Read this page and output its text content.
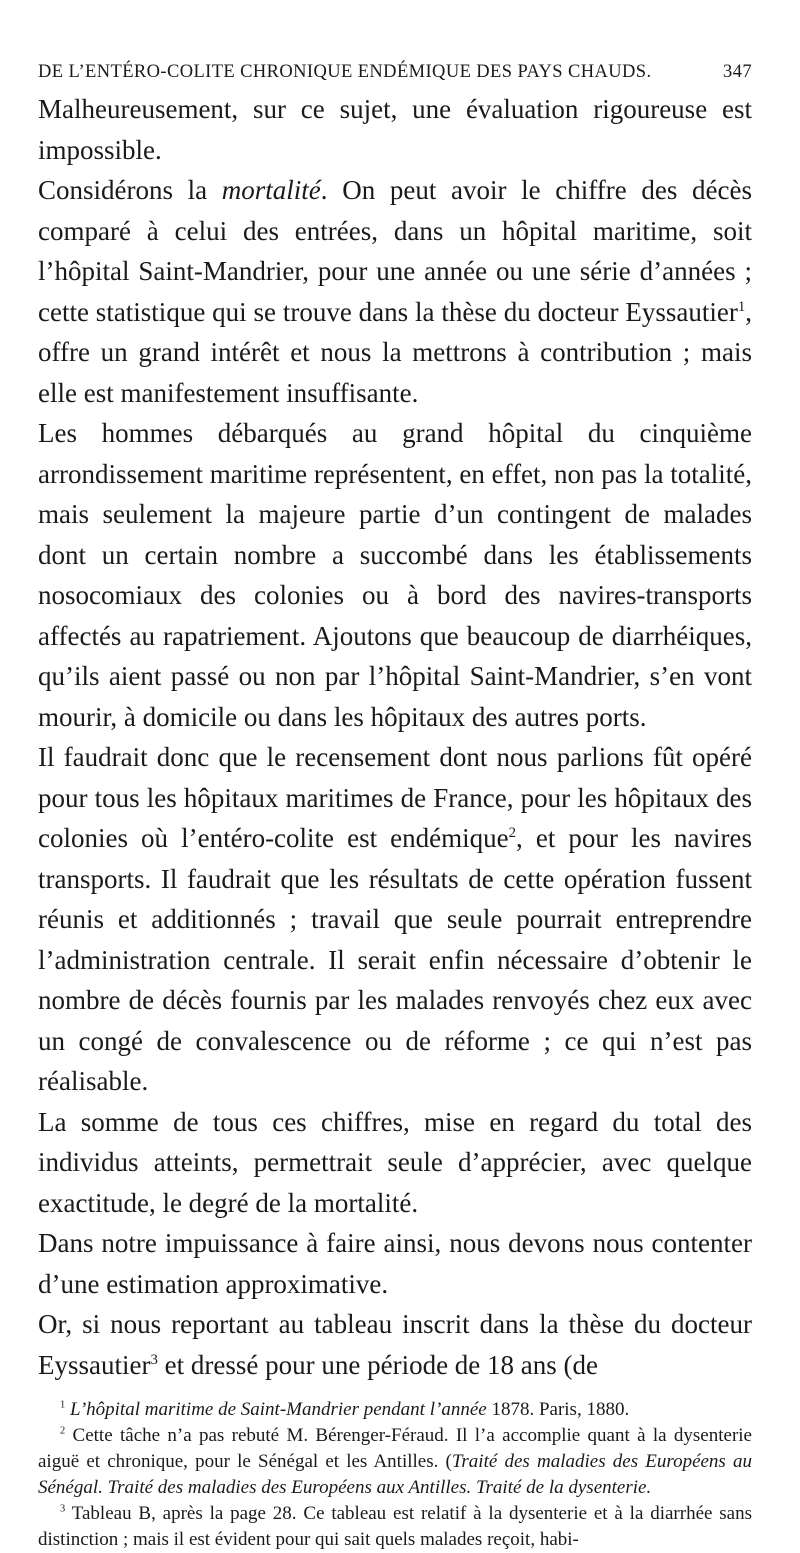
DE L’ENTÉRO-COLITE CHRONIQUE ENDÉMIQUE DES PAYS CHAUDS.	347

Malheureusement, sur ce sujet, une évaluation rigoureuse est impossible.

Considérons la mortalité. On peut avoir le chiffre des décès comparé à celui des entrées, dans un hôpital maritime, soit l’hôpital Saint-Mandrier, pour une année ou une série d’années ; cette statistique qui se trouve dans la thèse du docteur Eyssautier$^1$, offre un grand intérêt et nous la mettrons à contribution ; mais elle est manifestement insuffisante.

Les hommes débarqués au grand hôpital du cinquième arrondissement maritime représentent, en effet, non pas la totalité, mais seulement la majeure partie d’un contingent de malades dont un certain nombre a succombé dans les établissements nosocomiaux des colonies ou à bord des navires-transports affectés au rapatriement. Ajoutons que beaucoup de diarrhéiques, qu’ils aient passé ou non par l’hôpital Saint-Mandrier, s’en vont mourir, à domicile ou dans les hôpitaux des autres ports.

Il faudrait donc que le recensement dont nous parlions fût opéré pour tous les hôpitaux maritimes de France, pour les hôpitaux des colonies où l’entéro-colite est endémique$^2$, et pour les navires transports. Il faudrait que les résultats de cette opération fussent réunis et additionnés ; travail que seule pourrait entreprendre l’administration centrale. Il serait enfin nécessaire d’obtenir le nombre de décès fournis par les malades renvoyés chez eux avec un congé de convalescence ou de réforme ; ce qui n’est pas réalisable.

La somme de tous ces chiffres, mise en regard du total des individus atteints, permettrait seule d’apprécier, avec quelque exactitude, le degré de la mortalité.

Dans notre impuissance à faire ainsi, nous devons nous contenter d’une estimation approximative.

Or, si nous reportant au tableau inscrit dans la thèse du docteur Eyssautier$^3$ et dressé pour une période de 18 ans (de

$^1$ L’hôpital maritime de Saint-Mandrier pendant l’année 1878. Paris, 1880.

$^2$ Cette tâche n’a pas rebuté M. Bérenger-Féraud. Il l’a accomplie quant à la dysenterie aiguë et chronique, pour le Sénégal et les Antilles. (Traité des maladies des Européens au Sénégal. Traité des maladies des Européens aux Antilles. Traité de la dysenterie.

$^3$ Tableau B, après la page 28. Ce tableau est relatif à la dysenterie et à la diarrhée sans distinction ; mais il est évident pour qui sait quels malades reçoit, habi-
